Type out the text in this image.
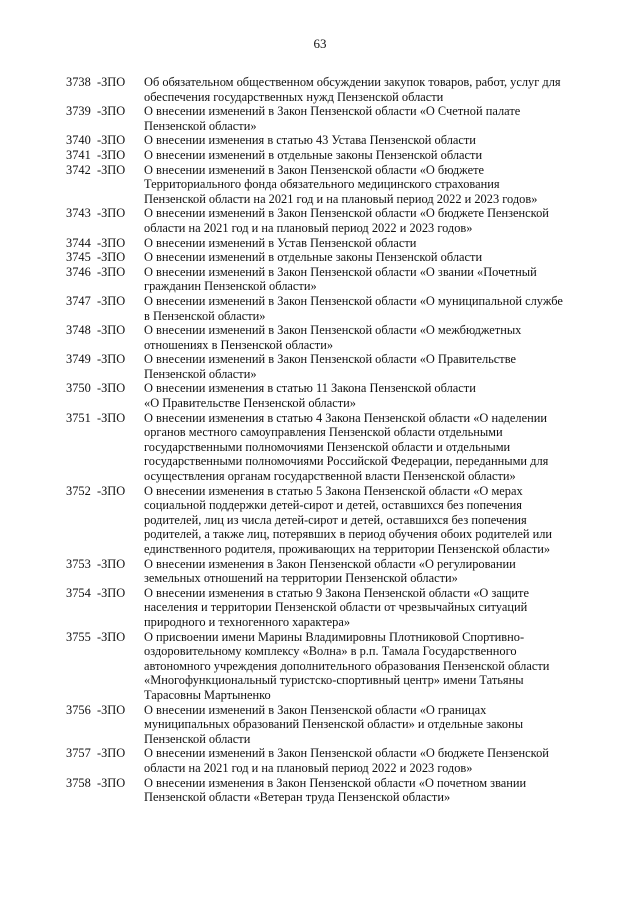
63
3738  -ЗПО	Об обязательном общественном обсуждении закупок товаров, работ, услуг для
обеспечения государственных нужд Пензенской области
3739  -ЗПО	О внесении изменений в Закон Пензенской области «О Счетной палате
Пензенской области»
3740  -ЗПО	О внесении изменения в статью 43 Устава Пензенской области
3741  -ЗПО	О внесении изменений в отдельные законы Пензенской области
3742  -ЗПО	О внесении изменений в Закон Пензенской области «О бюджете
Территориального фонда обязательного медицинского страхования
Пензенской области на 2021 год и на плановый период 2022 и 2023 годов»
3743  -ЗПО	О внесении изменений в Закон Пензенской области «О бюджете Пензенской
области на 2021 год и на плановый период 2022 и 2023 годов»
3744  -ЗПО	О внесении изменений в Устав Пензенской области
3745  -ЗПО	О внесении изменений в отдельные законы Пензенской области
3746  -ЗПО	О внесении изменений в Закон Пензенской области «О звании «Почетный
гражданин Пензенской области»
3747  -ЗПО	О внесении изменений в Закон Пензенской области «О муниципальной службе
в Пензенской области»
3748  -ЗПО	О внесении изменений в Закон Пензенской области «О межбюджетных
отношениях в Пензенской области»
3749  -ЗПО	О внесении изменений в Закон Пензенской области «О Правительстве
Пензенской области»
3750  -ЗПО	О внесении изменения в статью 11 Закона Пензенской области
«О Правительстве Пензенской области»
3751  -ЗПО	О внесении изменения в статью 4 Закона Пензенской области «О наделении
органов местного самоуправления Пензенской области отдельными
государственными полномочиями Пензенской области и отдельными
государственными полномочиями Российской Федерации, переданными для
осуществления органам государственной власти Пензенской области»
3752  -ЗПО	О внесении изменения в статью 5 Закона Пензенской области «О мерах
социальной поддержки детей-сирот и детей, оставшихся без попечения
родителей, лиц из числа детей-сирот и детей, оставшихся без попечения
родителей, а также лиц, потерявших в период обучения обоих родителей или
единственного родителя, проживающих на территории Пензенской области»
3753  -ЗПО	О внесении изменения в Закон Пензенской области «О регулировании
земельных отношений на территории Пензенской области»
3754  -ЗПО	О внесении изменения в статью 9 Закона Пензенской области «О защите
населения и территории Пензенской области от чрезвычайных ситуаций
природного и техногенного характера»
3755  -ЗПО	О присвоении имени Марины Владимировны Плотниковой Спортивно-
оздоровительному комплексу «Волна» в р.п. Тамала Государственного
автономного учреждения дополнительного образования Пензенской области
«Многофункциональный туристско-спортивный центр» имени Татьяны
Тарасовны Мартыненко
3756  -ЗПО	О внесении изменений в Закон Пензенской области «О границах
муниципальных образований Пензенской области» и отдельные законы
Пензенской области
3757  -ЗПО	О внесении изменений в Закон Пензенской области «О бюджете Пензенской
области на 2021 год и на плановый период 2022 и 2023 годов»
3758  -ЗПО	О внесении изменения в Закон Пензенской области «О почетном звании
Пензенской области «Ветеран труда Пензенской области»
